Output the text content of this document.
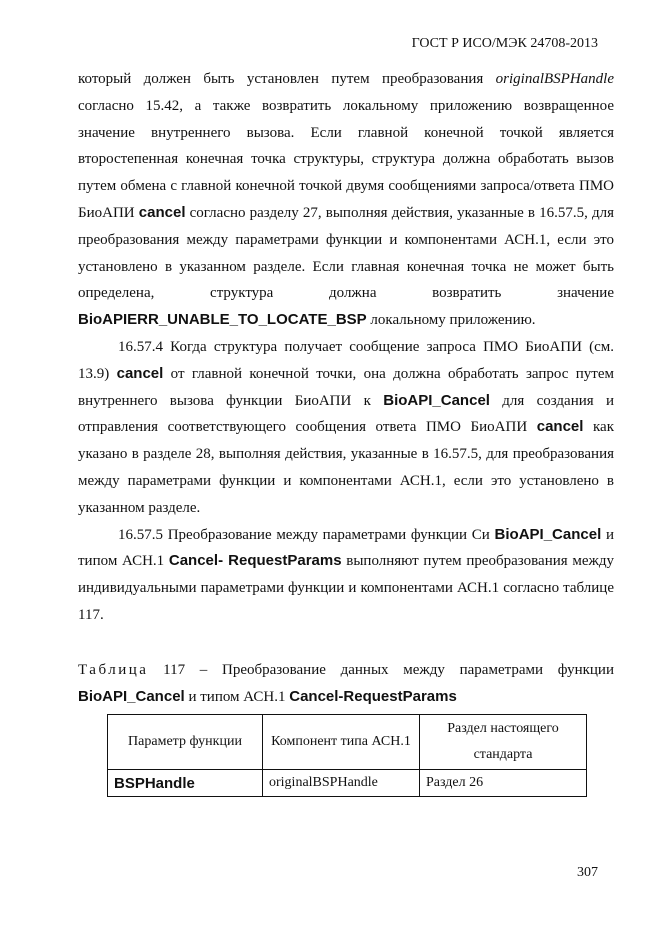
ГОСТ Р ИСО/МЭК 24708-2013

который должен быть установлен путем преобразования originalBSPHandle согласно 15.42, а также возвратить локальному приложению возвращенное значение внутреннего вызова. Если главной конечной точкой является второстепенная конечная точка структуры, структура должна обработать вызов путем обмена с главной конечной точкой двумя сообщениями запроса/ответа ПМО БиоАПИ cancel согласно разделу 27, выполняя действия, указанные в 16.57.5, для преобразования между параметрами функции и компонентами АСН.1, если это установлено в указанном разделе. Если главная конечная точка не может быть определена, структура должна возвратить значение BioAPIERR_UNABLE_TO_LOCATE_BSP локальному приложению.

16.57.4 Когда структура получает сообщение запроса ПМО БиоАПИ (см. 13.9) cancel от главной конечной точки, она должна обработать запрос путем внутреннего вызова функции БиоАПИ к BioAPI_Cancel для создания и отправления соответствующего сообщения ответа ПМО БиоАПИ cancel как указано в разделе 28, выполняя действия, указанные в 16.57.5, для преобразования между параметрами функции и компонентами АСН.1, если это установлено в указанном разделе.

16.57.5 Преобразование между параметрами функции Си BioAPI_Cancel и типом АСН.1 Cancel- RequestParams выполняют путем преобразования между индивидуальными параметрами функции и компонентами АСН.1 согласно таблице 117.

Таблица 117 – Преобразование данных между параметрами функции BioAPI_Cancel и типом АСН.1 Cancel-RequestParams

Параметр функции	Компонент типа АСН.1	Раздел настоящего стандарта
BSPHandle	originalBSPHandle	Раздел 26
307
